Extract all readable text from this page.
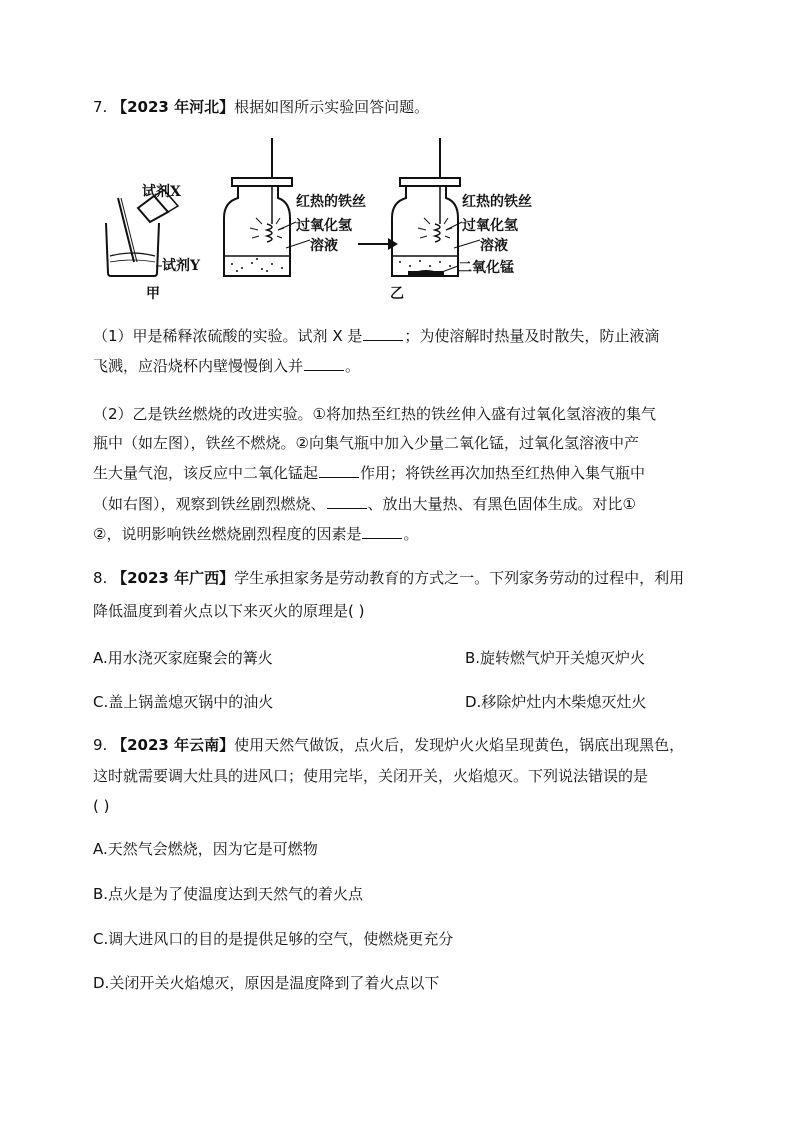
7. 【2023 年河北】根据如图所示实验回答问题。
试剂X
试剂Y
甲
红热的铁丝
过氧化氢
溶液
红热的铁丝
过氧化氢
溶液
二氧化锰
乙
（1）甲是稀释浓硫酸的实验。试剂 X 是	；为使溶解时热量及时散失，防止液滴
飞溅，应沿烧杯内壁慢慢倒入并	。
（2）乙是铁丝燃烧的改进实验。①将加热至红热的铁丝伸入盛有过氧化氢溶液的集气
瓶中（如左图），铁丝不燃烧。②向集气瓶中加入少量二氧化锰，过氧化氢溶液中产
生大量气泡，该反应中二氧化锰起	作用；将铁丝再次加热至红热伸入集气瓶中
（如右图），观察到铁丝剧烈燃烧、	、放出大量热、有黑色固体生成。对比①
②，说明影响铁丝燃烧剧烈程度的因素是	。
8. 【2023 年广西】学生承担家务是劳动教育的方式之一。下列家务劳动的过程中，利用
降低温度到着火点以下来灭火的原理是( )
A.用水浇灭家庭聚会的篝火	B.旋转燃气炉开关熄灭炉火
C.盖上锅盖熄灭锅中的油火	D.移除炉灶内木柴熄灭灶火
9. 【2023 年云南】使用天然气做饭，点火后，发现炉火火焰呈现黄色，锅底出现黑色，
这时就需要调大灶具的进风口；使用完毕，关闭开关，火焰熄灭。下列说法错误的是
( )
A.天然气会燃烧，因为它是可燃物
B.点火是为了使温度达到天然气的着火点
C.调大进风口的目的是提供足够的空气，使燃烧更充分
D.关闭开关火焰熄灭，原因是温度降到了着火点以下
